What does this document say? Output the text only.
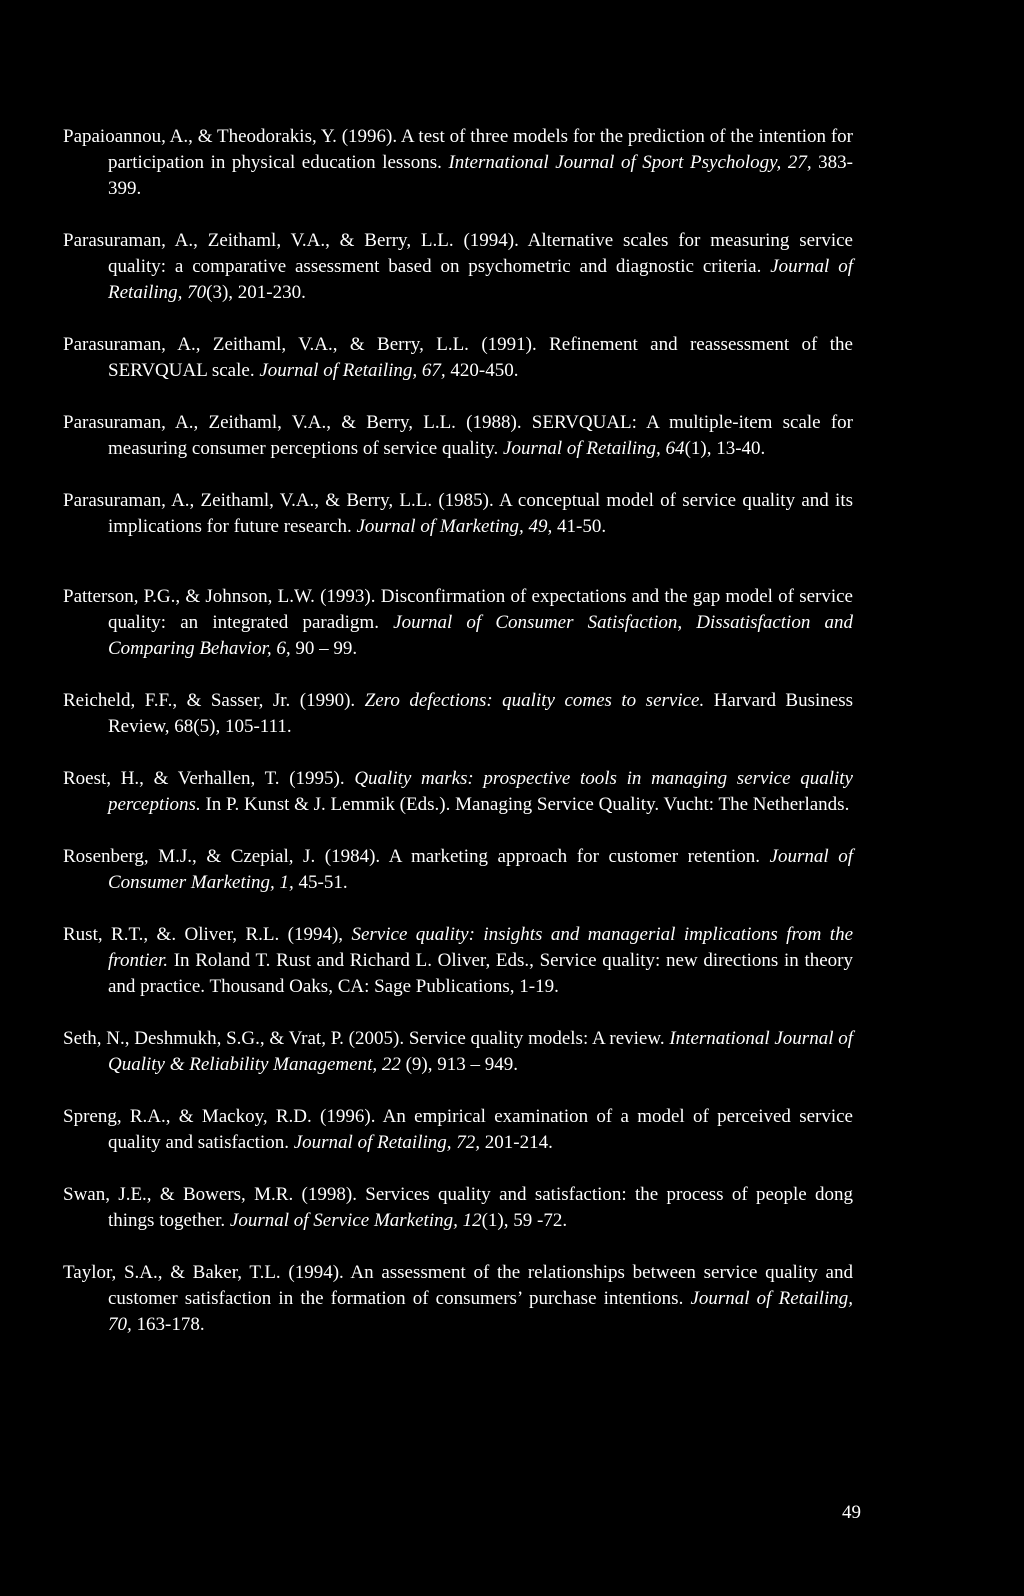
Papaioannou, A., & Theodorakis, Y. (1996). A test of three models for the prediction of the intention for participation in physical education lessons. International Journal of Sport Psychology, 27, 383-399.

Parasuraman, A., Zeithaml, V.A., & Berry, L.L. (1994). Alternative scales for measuring service quality: a comparative assessment based on psychometric and diagnostic criteria. Journal of Retailing, 70(3), 201-230.

Parasuraman, A., Zeithaml, V.A., & Berry, L.L. (1991). Refinement and reassessment of the SERVQUAL scale. Journal of Retailing, 67, 420-450.

Parasuraman, A., Zeithaml, V.A., & Berry, L.L. (1988). SERVQUAL: A multiple-item scale for measuring consumer perceptions of service quality. Journal of Retailing, 64(1), 13-40.

Parasuraman, A., Zeithaml, V.A., & Berry, L.L. (1985). A conceptual model of service quality and its implications for future research. Journal of Marketing, 49, 41-50.

Patterson, P.G., & Johnson, L.W. (1993). Disconfirmation of expectations and the gap model of service quality: an integrated paradigm. Journal of Consumer Satisfaction, Dissatisfaction and Comparing Behavior, 6, 90 – 99.

Reicheld, F.F., & Sasser, Jr. (1990). Zero defections: quality comes to service. Harvard Business Review, 68(5), 105-111.

Roest, H., & Verhallen, T. (1995). Quality marks: prospective tools in managing service quality perceptions. In P. Kunst & J. Lemmik (Eds.). Managing Service Quality. Vucht: The Netherlands.

Rosenberg, M.J., & Czepial, J. (1984). A marketing approach for customer retention. Journal of Consumer Marketing, 1, 45-51.

Rust, R.T., &. Oliver, R.L. (1994), Service quality: insights and managerial implications from the frontier. In Roland T. Rust and Richard L. Oliver, Eds., Service quality: new directions in theory and practice. Thousand Oaks, CA: Sage Publications, 1-19.

Seth, N., Deshmukh, S.G., & Vrat, P. (2005). Service quality models: A review. International Journal of Quality & Reliability Management, 22 (9), 913 – 949.

Spreng, R.A., & Mackoy, R.D. (1996). An empirical examination of a model of perceived service quality and satisfaction. Journal of Retailing, 72, 201-214.

Swan, J.E., & Bowers, M.R. (1998). Services quality and satisfaction: the process of people dong things together. Journal of Service Marketing, 12(1), 59 -72.

Taylor, S.A., & Baker, T.L. (1994). An assessment of the relationships between service quality and customer satisfaction in the formation of consumers’ purchase intentions. Journal of Retailing, 70, 163-178.

49
